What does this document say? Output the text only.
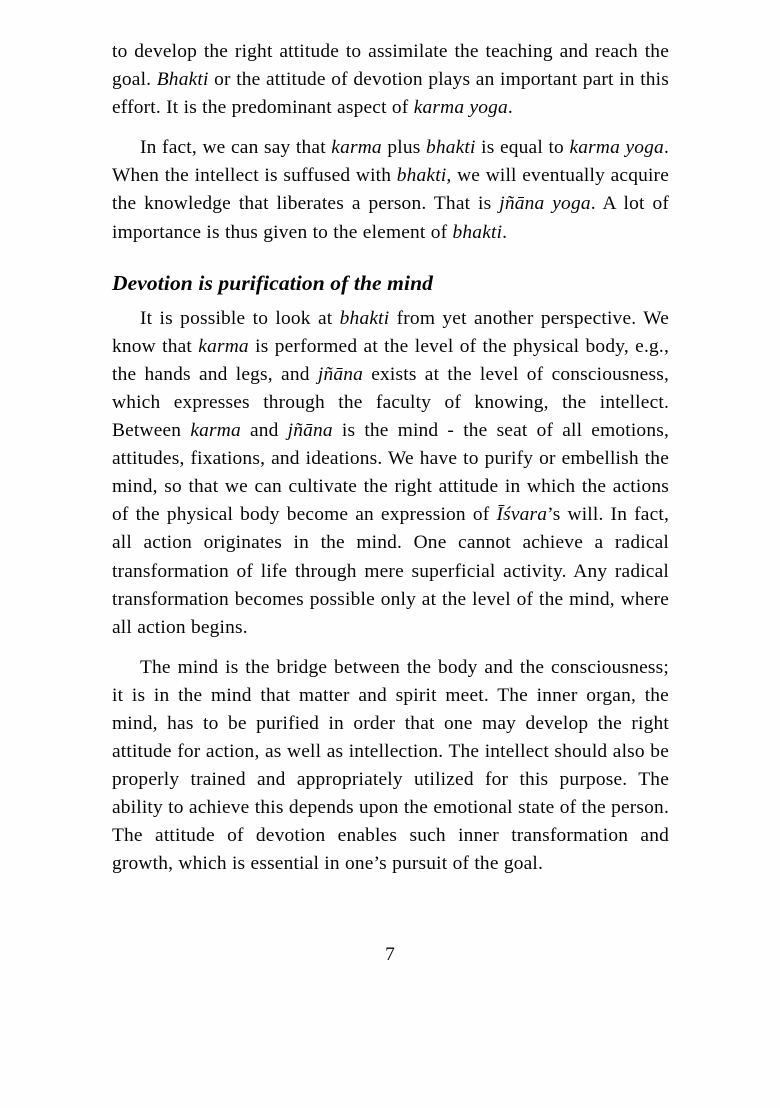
to develop the right attitude to assimilate the teaching and reach the goal. Bhakti or the attitude of devotion plays an important part in this effort. It is the predominant aspect of karma yoga.

In fact, we can say that karma plus bhakti is equal to karma yoga. When the intellect is suffused with bhakti, we will eventually acquire the knowledge that liberates a person. That is jñāna yoga. A lot of importance is thus given to the element of bhakti.

Devotion is purification of the mind

It is possible to look at bhakti from yet another perspective. We know that karma is performed at the level of the physical body, e.g., the hands and legs, and jñāna exists at the level of consciousness, which expresses through the faculty of knowing, the intellect. Between karma and jñāna is the mind - the seat of all emotions, attitudes, fixations, and ideations. We have to purify or embellish the mind, so that we can cultivate the right attitude in which the actions of the physical body become an expression of Īśvara’s will. In fact, all action originates in the mind. One cannot achieve a radical transformation of life through mere superficial activity. Any radical transformation becomes possible only at the level of the mind, where all action begins.

The mind is the bridge between the body and the consciousness; it is in the mind that matter and spirit meet. The inner organ, the mind, has to be purified in order that one may develop the right attitude for action, as well as intellection. The intellect should also be properly trained and appropriately utilized for this purpose. The ability to achieve this depends upon the emotional state of the person. The attitude of devotion enables such inner transformation and growth, which is essential in one’s pursuit of the goal.

7
